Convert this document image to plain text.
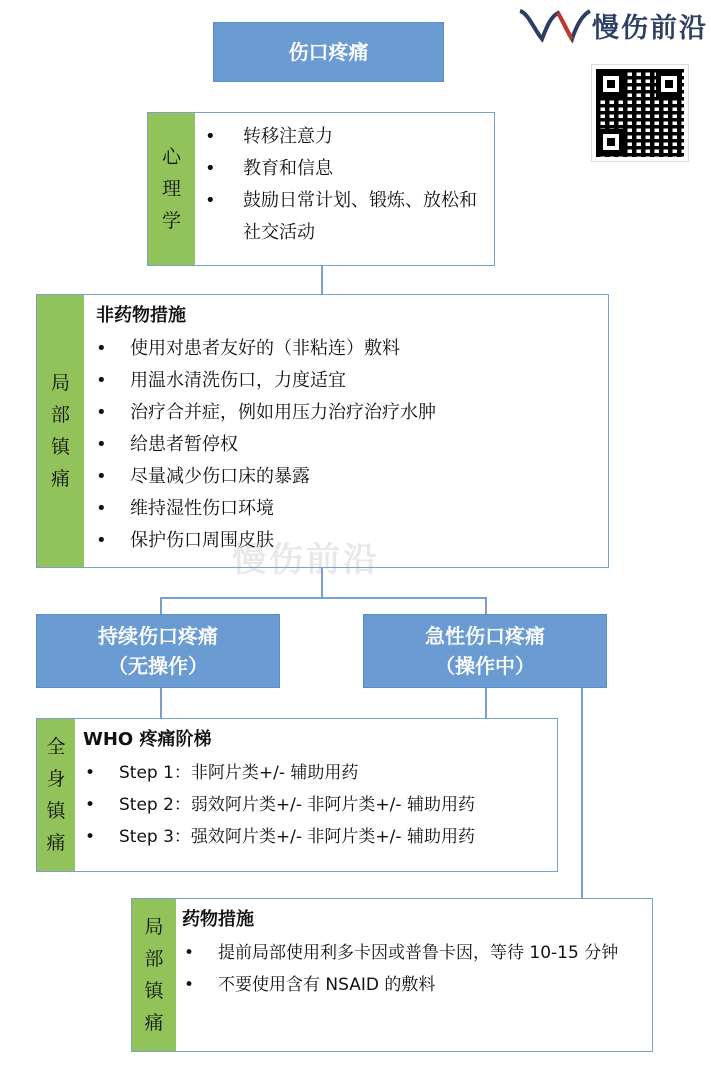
慢伤前沿
伤口疼痛
心
理
学
• 转移注意力
• 教育和信息
• 鼓励日常计划、锻炼、放松和社交活动
局
部
镇
痛
非药物措施
• 使用对患者友好的（非粘连）敷料
• 用温水清洗伤口，力度适宜
• 治疗合并症，例如用压力治疗治疗水肿
• 给患者暂停权
• 尽量减少伤口床的暴露
• 维持湿性伤口环境
• 保护伤口周围皮肤
慢伤前沿
持续伤口疼痛
（无操作）
急性伤口疼痛
（操作中）
全
身
镇
痛
WHO 疼痛阶梯
• Step 1：非阿片类+/- 辅助用药
• Step 2：弱效阿片类+/- 非阿片类+/- 辅助用药
• Step 3：强效阿片类+/- 非阿片类+/- 辅助用药
局
部
镇
痛
药物措施
• 提前局部使用利多卡因或普鲁卡因，等待 10-15 分钟
• 不要使用含有 NSAID 的敷料
